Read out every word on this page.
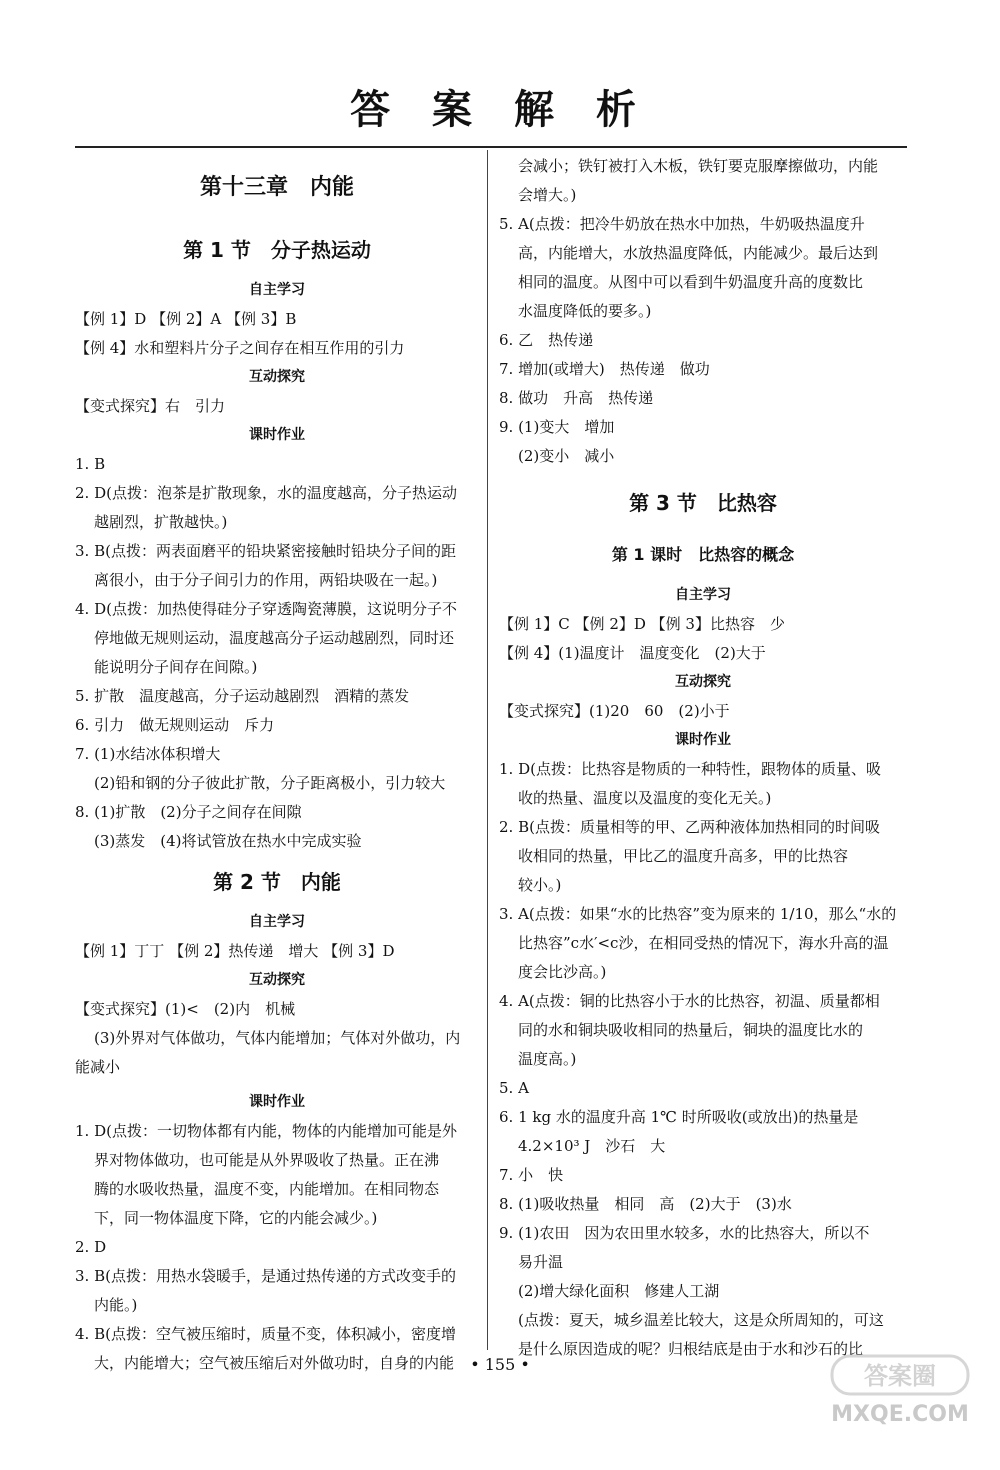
答 案 解 析
第十三章　内能
第 1 节　分子热运动
自主学习
【例 1】D 【例 2】A 【例 3】B
【例 4】水和塑料片分子之间存在相互作用的引力
互动探究
【变式探究】右　引力
课时作业
1. B
2. D(点拨：泡茶是扩散现象，水的温度越高，分子热运动
越剧烈，扩散越快。)
3. B(点拨：两表面磨平的铅块紧密接触时铅块分子间的距
离很小，由于分子间引力的作用，两铅块吸在一起。)
4. D(点拨：加热使得硅分子穿透陶瓷薄膜，这说明分子不
停地做无规则运动，温度越高分子运动越剧烈，同时还
能说明分子间存在间隙。)
5. 扩散　温度越高，分子运动越剧烈　酒精的蒸发
6. 引力　做无规则运动　斥力
7. (1)水结冰体积增大
(2)铅和钢的分子彼此扩散，分子距离极小，引力较大
8. (1)扩散　(2)分子之间存在间隙
(3)蒸发　(4)将试管放在热水中完成实验
第 2 节　内能
自主学习
【例 1】丁丁 【例 2】热传递　增大 【例 3】D
互动探究
【变式探究】(1)<　(2)内　机械
(3)外界对气体做功，气体内能增加；气体对外做功，内
能减小
课时作业
1. D(点拨：一切物体都有内能，物体的内能增加可能是外
界对物体做功，也可能是从外界吸收了热量。正在沸
腾的水吸收热量，温度不变，内能增加。在相同物态
下，同一物体温度下降，它的内能会减少。)
2. D
3. B(点拨：用热水袋暖手，是通过热传递的方式改变手的
内能。)
4. B(点拨：空气被压缩时，质量不变，体积减小，密度增
大，内能增大；空气被压缩后对外做功时，自身的内能
会减小；铁钉被打入木板，铁钉要克服摩擦做功，内能
会增大。)
5. A(点拨：把冷牛奶放在热水中加热，牛奶吸热温度升
高，内能增大，水放热温度降低，内能减少。最后达到
相同的温度。从图中可以看到牛奶温度升高的度数比
水温度降低的要多。)
6. 乙　热传递
7. 增加(或增大)　热传递　做功
8. 做功　升高　热传递
9. (1)变大　增加
(2)变小　减小
第 3 节　比热容
第 1 课时　比热容的概念
自主学习
【例 1】C 【例 2】D 【例 3】比热容　少
【例 4】(1)温度计　温度变化　(2)大于
互动探究
【变式探究】(1)20　60　(2)小于
课时作业
1. D(点拨：比热容是物质的一种特性，跟物体的质量、吸
收的热量、温度以及温度的变化无关。)
2. B(点拨：质量相等的甲、乙两种液体加热相同的时间吸
收相同的热量，甲比乙的温度升高多，甲的比热容
较小。)
3. A(点拨：如果“水的比热容”变为原来的 1/10，那么“水的
比热容”c水′<c沙，在相同受热的情况下，海水升高的温
度会比沙高。)
4. A(点拨：铜的比热容小于水的比热容，初温、质量都相
同的水和铜块吸收相同的热量后，铜块的温度比水的
温度高。)
5. A
6. 1 kg 水的温度升高 1℃ 时所吸收(或放出)的热量是
4.2×10³ J　沙石　大
7. 小　快
8. (1)吸收热量　相同　高　(2)大于　(3)水
9. (1)农田　因为农田里水较多，水的比热容大，所以不
易升温
(2)增大绿化面积　修建人工湖
(点拨：夏天，城乡温差比较大，这是众所周知的，可这
是什么原因造成的呢？归根结底是由于水和沙石的比
• 155 •	答案圈
MXQE.COM
